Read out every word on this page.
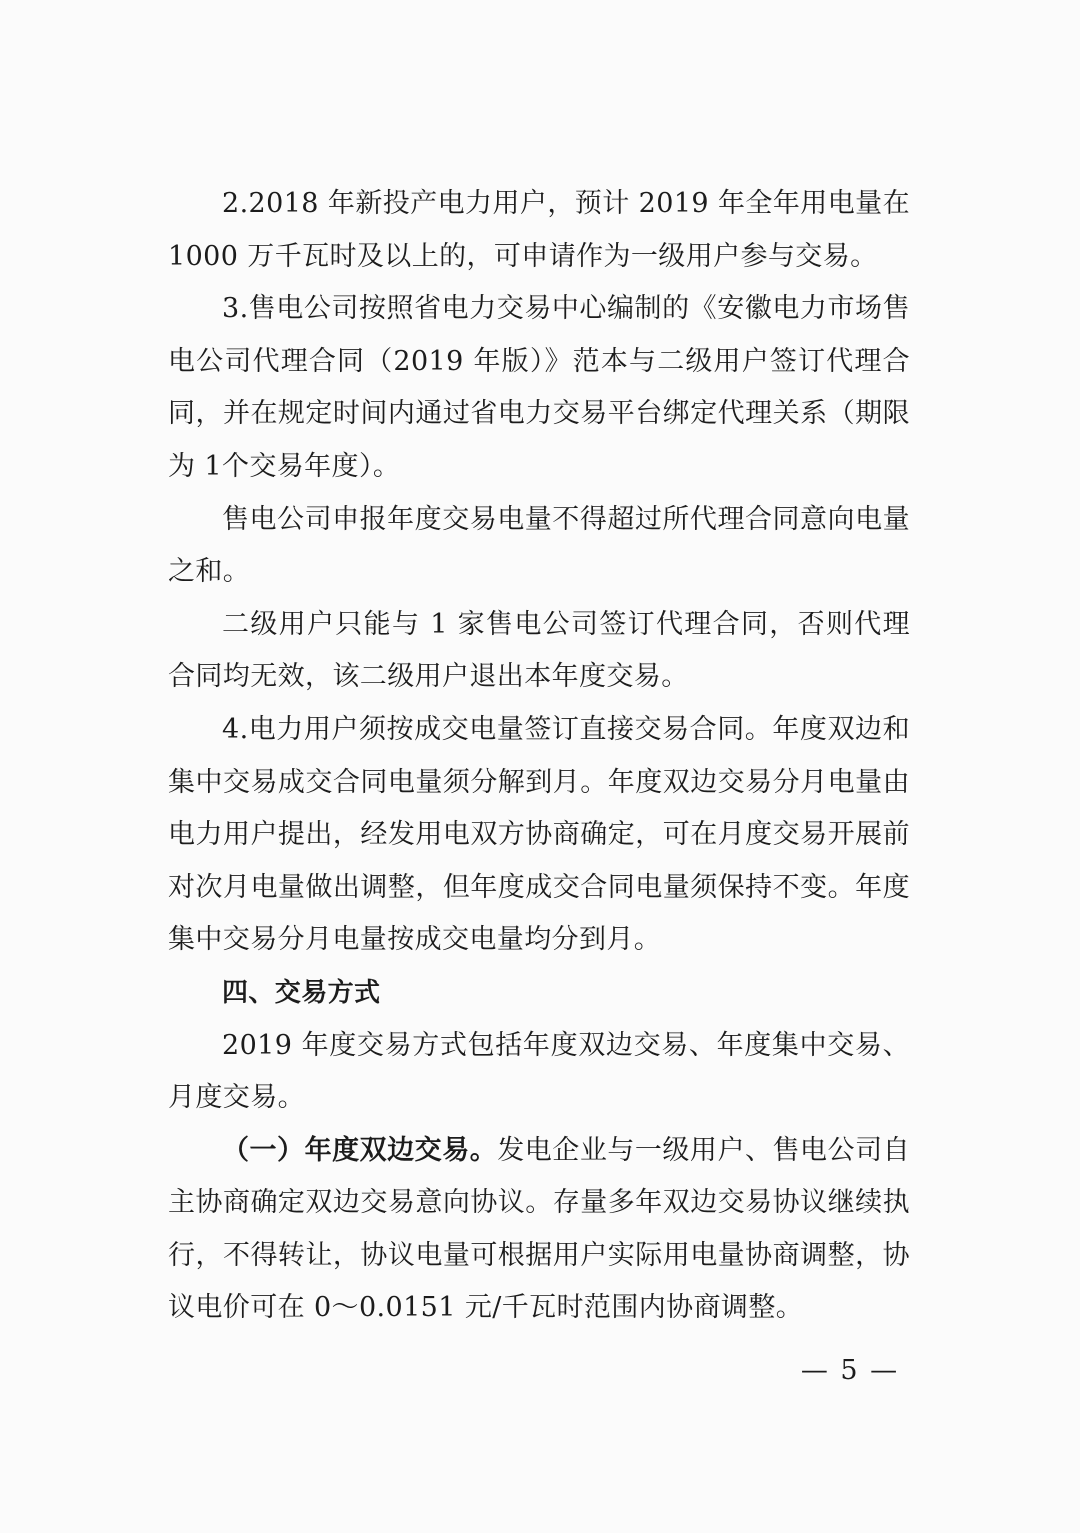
2.2018 年新投产电力用户，预计 2019 年全年用电量在1000 万千瓦时及以上的，可申请作为一级用户参与交易。

3.售电公司按照省电力交易中心编制的《安徽电力市场售电公司代理合同（2019 年版）》范本与二级用户签订代理合同，并在规定时间内通过省电力交易平台绑定代理关系（期限为 1个交易年度）。

售电公司申报年度交易电量不得超过所代理合同意向电量之和。

二级用户只能与 1 家售电公司签订代理合同，否则代理合同均无效，该二级用户退出本年度交易。

4.电力用户须按成交电量签订直接交易合同。年度双边和集中交易成交合同电量须分解到月。年度双边交易分月电量由电力用户提出，经发用电双方协商确定，可在月度交易开展前对次月电量做出调整，但年度成交合同电量须保持不变。年度集中交易分月电量按成交电量均分到月。

四、交易方式

2019 年度交易方式包括年度双边交易、年度集中交易、月度交易。

（一）年度双边交易。发电企业与一级用户、售电公司自主协商确定双边交易意向协议。存量多年双边交易协议继续执行，不得转让，协议电量可根据用户实际用电量协商调整，协议电价可在 0～0.0151 元/千瓦时范围内协商调整。

— 5 —
